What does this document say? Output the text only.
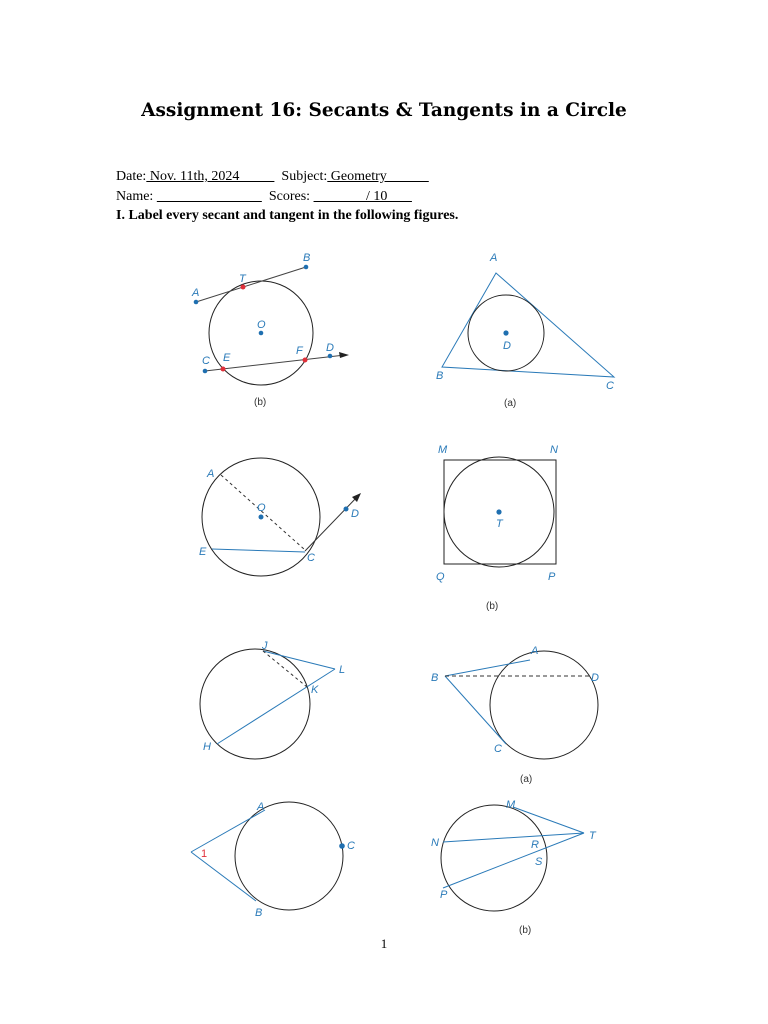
Assignment 16: Secants & Tangents in a Circle

Date: Nov. 11th, 2024            Subject: Geometry

Name:	Scores:                / 10

I. Label every secant and tangent in the following figures.
A
B
T
O
C E
F D
(b)
A
B
C
D
(a)
A
O	D
E	C
M	N
T
Q	P
(b)
J
L
K
H
A
B	D
C
(a)
A
C
B
1
M
N
T
R
S
P
(b)
1
